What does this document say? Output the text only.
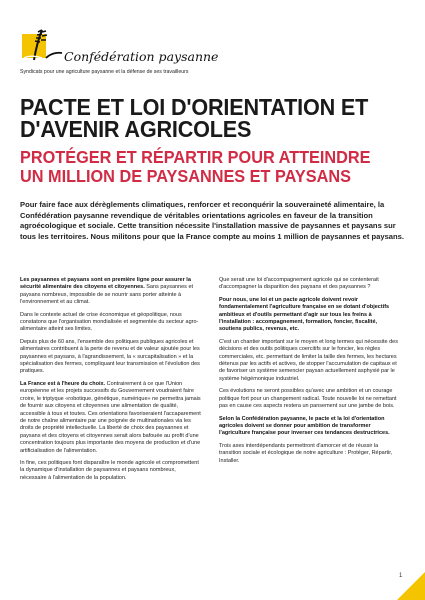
Confédération paysanne
Syndicats pour une agriculture paysanne et la défense de ses travailleurs
PACTE ET LOI D'ORIENTATION ET D'AVENIR AGRICOLES
PROTÉGER ET RÉPARTIR POUR ATTEINDRE UN MILLION DE PAYSANNES ET PAYSANS

Pour faire face aux dérèglements climatiques, renforcer et reconquérir la souveraineté alimentaire, la Confédération paysanne revendique de véritables orientations agricoles en faveur de la transition agroécologique et sociale. Cette transition nécessite l'installation massive de paysannes et paysans sur tous les territoires. Nous militons pour que la France compte au moins 1 million de paysannes et paysans.

Les paysannes et paysans sont en première ligne pour assurer la sécurité alimentaire des citoyens et citoyennes. Sans paysannes et paysans nombreux, impossible de se nourrir sans porter atteinte à l'environnement et au climat.

Dans le contexte actuel de crise économique et géopolitique, nous constatons que l'organisation mondialisée et segmentée du secteur agro-alimentaire atteint ses limites.

Depuis plus de 60 ans, l'ensemble des politiques publiques agricoles et alimentaires contribuent à la perte de revenu et de valeur ajoutée pour les paysannes et paysans, à l'agrandissement, la « surcapitalisation » et la spécialisation des fermes, compliquant leur transmission et l'évolution des pratiques.

La France est à l'heure du choix. Contrairement à ce que l'Union européenne et les projets successifs du Gouvernement voudraient faire croire, le triptyque «robotique, génétique, numérique» ne permettra jamais de fournir aux citoyens et citoyennes une alimentation de qualité, accessible à tous et toutes. Ces orientations favoriseraient l'accaparement de notre chaîne alimentaire par une poignée de multinationales via les droits de propriété intellectuelle. La liberté de choix des paysannes et paysans et des citoyens et citoyennes serait alors bafouée au profit d'une concentration toujours plus importante des moyens de production et d'une artificialisation de l'alimentation.

In fine, ces politiques font disparaître le monde agricole et compromettent la dynamique d'installation de paysannes et paysans nombreux, nécessaire à l'alimentation de la population.

Que serait une loi d'accompagnement agricole qui se contenterait d'accompagner la disparition des paysans et des paysannes ?

Pour nous, une loi et un pacte agricole doivent revoir fondamentalement l'agriculture française en se dotant d'objectifs ambitieux et d'outils permettant d'agir sur tous les freins à l'installation : accompagnement, formation, foncier, fiscalité, soutiens publics, revenus, etc.

C'est un chantier important sur le moyen et long termes qui nécessite des décisions et des outils politiques coercitifs sur le foncier, les règles commerciales, etc. permettant de limiter la taille des fermes, les hectares détenus par les actifs et actives, de stopper l'accumulation de capitaux et de favoriser un système semencier paysan actuellement asphyxié par le système hégémonique industriel.

Ces évolutions ne seront possibles qu'avec une ambition et un courage politique fort pour un changement radical. Toute nouvelle loi ne remettant pas en cause ces aspects restera un pansement sur une jambe de bois.

Selon la Confédération paysanne, le pacte et la loi d'orientation agricoles doivent se donner pour ambition de transformer l'agriculture française pour inverser ces tendances destructrices.

Trois axes interdépendants permettront d'amorcer et de réussir la transition sociale et écologique de notre agriculture : Protéger, Répartir, Installer.

1
